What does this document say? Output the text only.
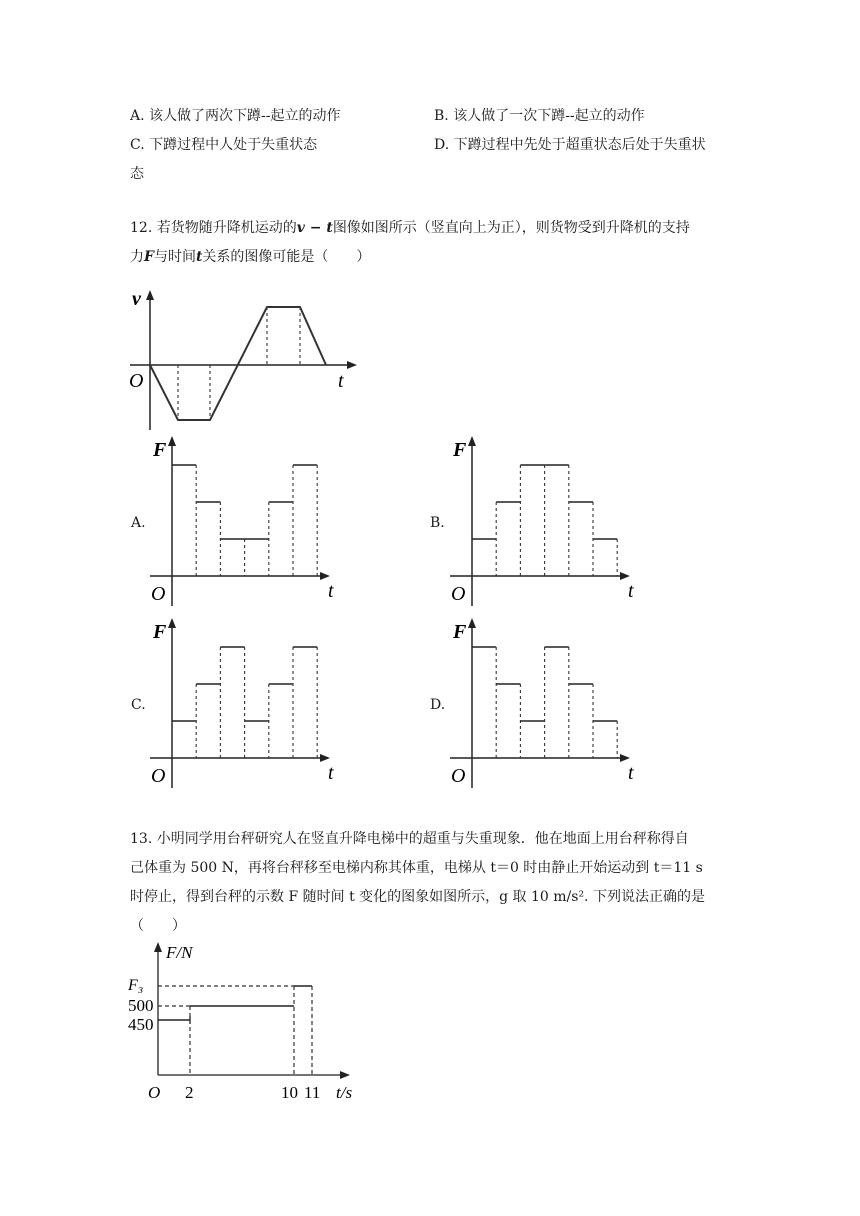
A. 该人做了两次下蹲--起立的动作	B. 该人做了一次下蹲--起立的动作
C. 下蹲过程中人处于失重状态	D. 下蹲过程中先处于超重状态后处于失重状
态
12. 若货物随升降机运动的v − t图像如图所示（竖直向上为正），则货物受到升降机的支持
力F与时间t关系的图像可能是（　　）
v
t
O
A.
F
t
O
B.
F
t
O
C.
F
t
O
D.
F
t
O
13. 小明同学用台秤研究人在竖直升降电梯中的超重与失重现象．他在地面上用台秤称得自
己体重为 500 N，再将台秤移至电梯内称其体重，电梯从 t＝0 时由静止开始运动到 t＝11 s
时停止，得到台秤的示数 F 随时间 t 变化的图象如图所示，g 取 10 m/s². 下列说法正确的是
（　　）
F/N
F₃
500
450
O 2	10 11 t/s
